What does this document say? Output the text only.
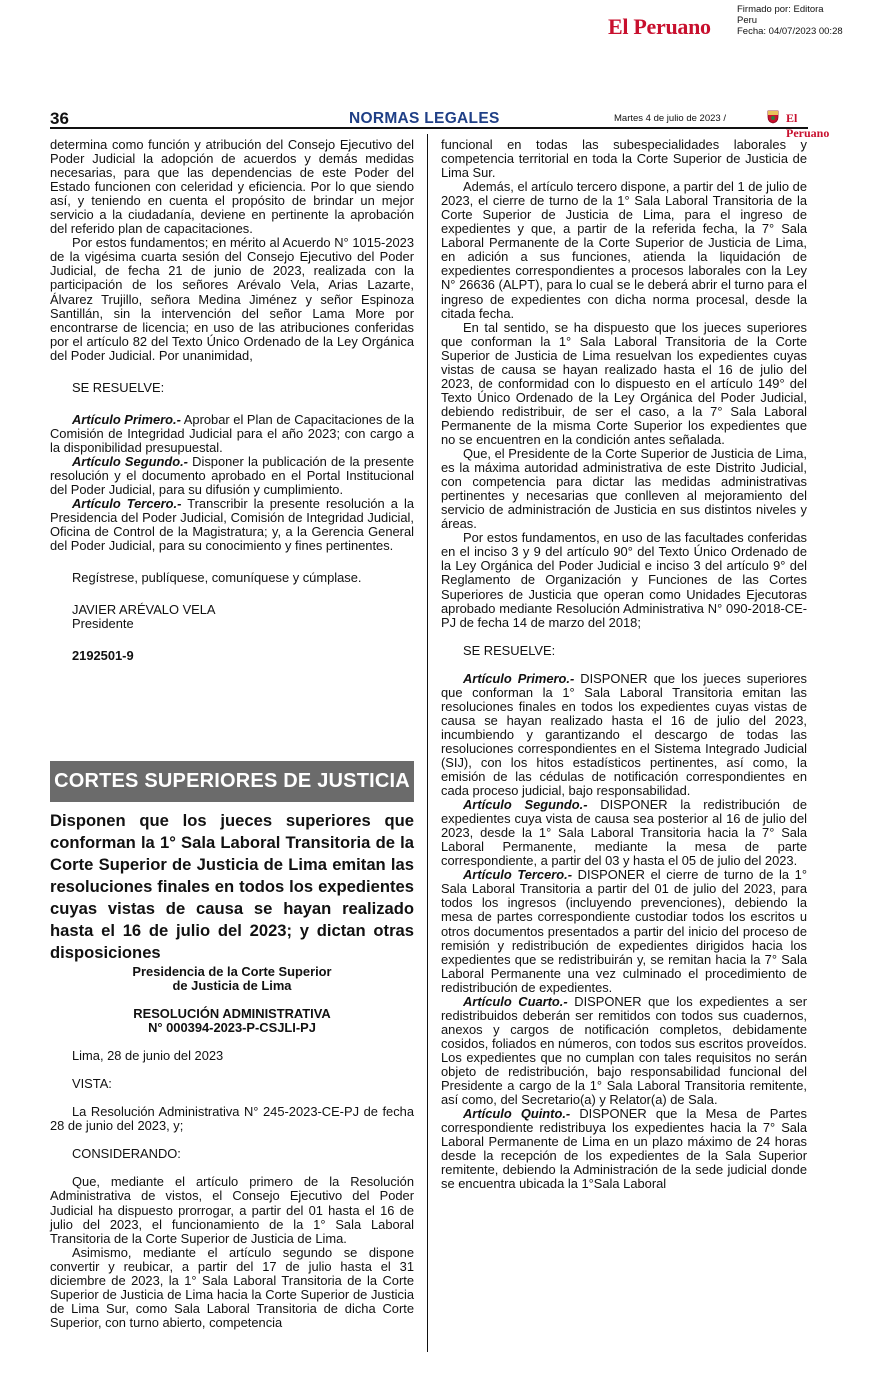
Firmado por: Editora
Peru
Fecha: 04/07/2023 00:28
El Peruano
36	NORMAS LEGALES	Martes 4 de julio de 2023 /	El Peruano

determina como función y atribución del Consejo Ejecutivo del Poder Judicial la adopción de acuerdos y demás medidas necesarias, para que las dependencias de este Poder del Estado funcionen con celeridad y eficiencia. Por lo que siendo así, y teniendo en cuenta el propósito de brindar un mejor servicio a la ciudadanía, deviene en pertinente la aprobación del referido plan de capacitaciones.

Por estos fundamentos; en mérito al Acuerdo N° 1015-2023 de la vigésima cuarta sesión del Consejo Ejecutivo del Poder Judicial, de fecha 21 de junio de 2023, realizada con la participación de los señores Arévalo Vela, Arias Lazarte, Álvarez Trujillo, señora Medina Jiménez y señor Espinoza Santillán, sin la intervención del señor Lama More por encontrarse de licencia; en uso de las atribuciones conferidas por el artículo 82 del Texto Único Ordenado de la Ley Orgánica del Poder Judicial. Por unanimidad,

SE RESUELVE:

Artículo Primero.- Aprobar el Plan de Capacitaciones de la Comisión de Integridad Judicial para el año 2023; con cargo a la disponibilidad presupuestal.

Artículo Segundo.- Disponer la publicación de la presente resolución y el documento aprobado en el Portal Institucional del Poder Judicial, para su difusión y cumplimiento.

Artículo Tercero.- Transcribir la presente resolución a la Presidencia del Poder Judicial, Comisión de Integridad Judicial, Oficina de Control de la Magistratura; y, a la Gerencia General del Poder Judicial, para su conocimiento y fines pertinentes.

Regístrese, publíquese, comuníquese y cúmplase.

JAVIER ARÉVALO VELA

Presidente

2192501-9

CORTES SUPERIORES DE JUSTICIA
Disponen que los jueces superiores que conforman la 1° Sala Laboral Transitoria de la Corte Superior de Justicia de Lima emitan las resoluciones finales en todos los expedientes cuyas vistas de causa se hayan realizado hasta el 16 de julio del 2023; y dictan otras disposiciones

Presidencia de la Corte Superior

de Justicia de Lima

RESOLUCIÓN ADMINISTRATIVA

N° 000394-2023-P-CSJLI-PJ

Lima, 28 de junio del 2023

VISTA:

La Resolución Administrativa N° 245-2023-CE-PJ de fecha 28 de junio del 2023, y;

CONSIDERANDO:

Que, mediante el artículo primero de la Resolución Administrativa de vistos, el Consejo Ejecutivo del Poder Judicial ha dispuesto prorrogar, a partir del 01 hasta el 16 de julio del 2023, el funcionamiento de la 1° Sala Laboral Transitoria de la Corte Superior de Justicia de Lima.

Asimismo, mediante el artículo segundo se dispone convertir y reubicar, a partir del 17 de julio hasta el 31 diciembre de 2023, la 1° Sala Laboral Transitoria de la Corte Superior de Justicia de Lima hacia la Corte Superior de Justicia de Lima Sur, como Sala Laboral Transitoria de dicha Corte Superior, con turno abierto, competencia

funcional en todas las subespecialidades laborales y competencia territorial en toda la Corte Superior de Justicia de Lima Sur.

Además, el artículo tercero dispone, a partir del 1 de julio de 2023, el cierre de turno de la 1° Sala Laboral Transitoria de la Corte Superior de Justicia de Lima, para el ingreso de expedientes y que, a partir de la referida fecha, la 7° Sala Laboral Permanente de la Corte Superior de Justicia de Lima, en adición a sus funciones, atienda la liquidación de expedientes correspondientes a procesos laborales con la Ley N° 26636 (ALPT), para lo cual se le deberá abrir el turno para el ingreso de expedientes con dicha norma procesal, desde la citada fecha.

En tal sentido, se ha dispuesto que los jueces superiores que conforman la 1° Sala Laboral Transitoria de la Corte Superior de Justicia de Lima resuelvan los expedientes cuyas vistas de causa se hayan realizado hasta el 16 de julio del 2023, de conformidad con lo dispuesto en el artículo 149° del Texto Único Ordenado de la Ley Orgánica del Poder Judicial, debiendo redistribuir, de ser el caso, a la 7° Sala Laboral Permanente de la misma Corte Superior los expedientes que no se encuentren en la condición antes señalada.

Que, el Presidente de la Corte Superior de Justicia de Lima, es la máxima autoridad administrativa de este Distrito Judicial, con competencia para dictar las medidas administrativas pertinentes y necesarias que conlleven al mejoramiento del servicio de administración de Justicia en sus distintos niveles y áreas.

Por estos fundamentos, en uso de las facultades conferidas en el inciso 3 y 9 del artículo 90° del Texto Único Ordenado de la Ley Orgánica del Poder Judicial e inciso 3 del artículo 9° del Reglamento de Organización y Funciones de las Cortes Superiores de Justicia que operan como Unidades Ejecutoras aprobado mediante Resolución Administrativa N° 090-2018-CE-PJ de fecha 14 de marzo del 2018;

SE RESUELVE:

Artículo Primero.- DISPONER que los jueces superiores que conforman la 1° Sala Laboral Transitoria emitan las resoluciones finales en todos los expedientes cuyas vistas de causa se hayan realizado hasta el 16 de julio del 2023, incumbiendo y garantizando el descargo de todas las resoluciones correspondientes en el Sistema Integrado Judicial (SIJ), con los hitos estadísticos pertinentes, así como, la emisión de las cédulas de notificación correspondientes en cada proceso judicial, bajo responsabilidad.

Artículo Segundo.- DISPONER la redistribución de expedientes cuya vista de causa sea posterior al 16 de julio del 2023, desde la 1° Sala Laboral Transitoria hacia la 7° Sala Laboral Permanente, mediante la mesa de parte correspondiente, a partir del 03 y hasta el 05 de julio del 2023.

Artículo Tercero.- DISPONER el cierre de turno de la 1° Sala Laboral Transitoria a partir del 01 de julio del 2023, para todos los ingresos (incluyendo prevenciones), debiendo la mesa de partes correspondiente custodiar todos los escritos u otros documentos presentados a partir del inicio del proceso de remisión y redistribución de expedientes dirigidos hacia los expedientes que se redistribuirán y, se remitan hacia la 7° Sala Laboral Permanente una vez culminado el procedimiento de redistribución de expedientes.

Artículo Cuarto.- DISPONER que los expedientes a ser redistribuidos deberán ser remitidos con todos sus cuadernos, anexos y cargos de notificación completos, debidamente cosidos, foliados en números, con todos sus escritos proveídos. Los expedientes que no cumplan con tales requisitos no serán objeto de redistribución, bajo responsabilidad funcional del Presidente a cargo de la 1° Sala Laboral Transitoria remitente, así como, del Secretario(a) y Relator(a) de Sala.

Artículo Quinto.- DISPONER que la Mesa de Partes correspondiente redistribuya los expedientes hacia la 7° Sala Laboral Permanente de Lima en un plazo máximo de 24 horas desde la recepción de los expedientes de la Sala Superior remitente, debiendo la Administración de la sede judicial donde se encuentra ubicada la 1°Sala Laboral
